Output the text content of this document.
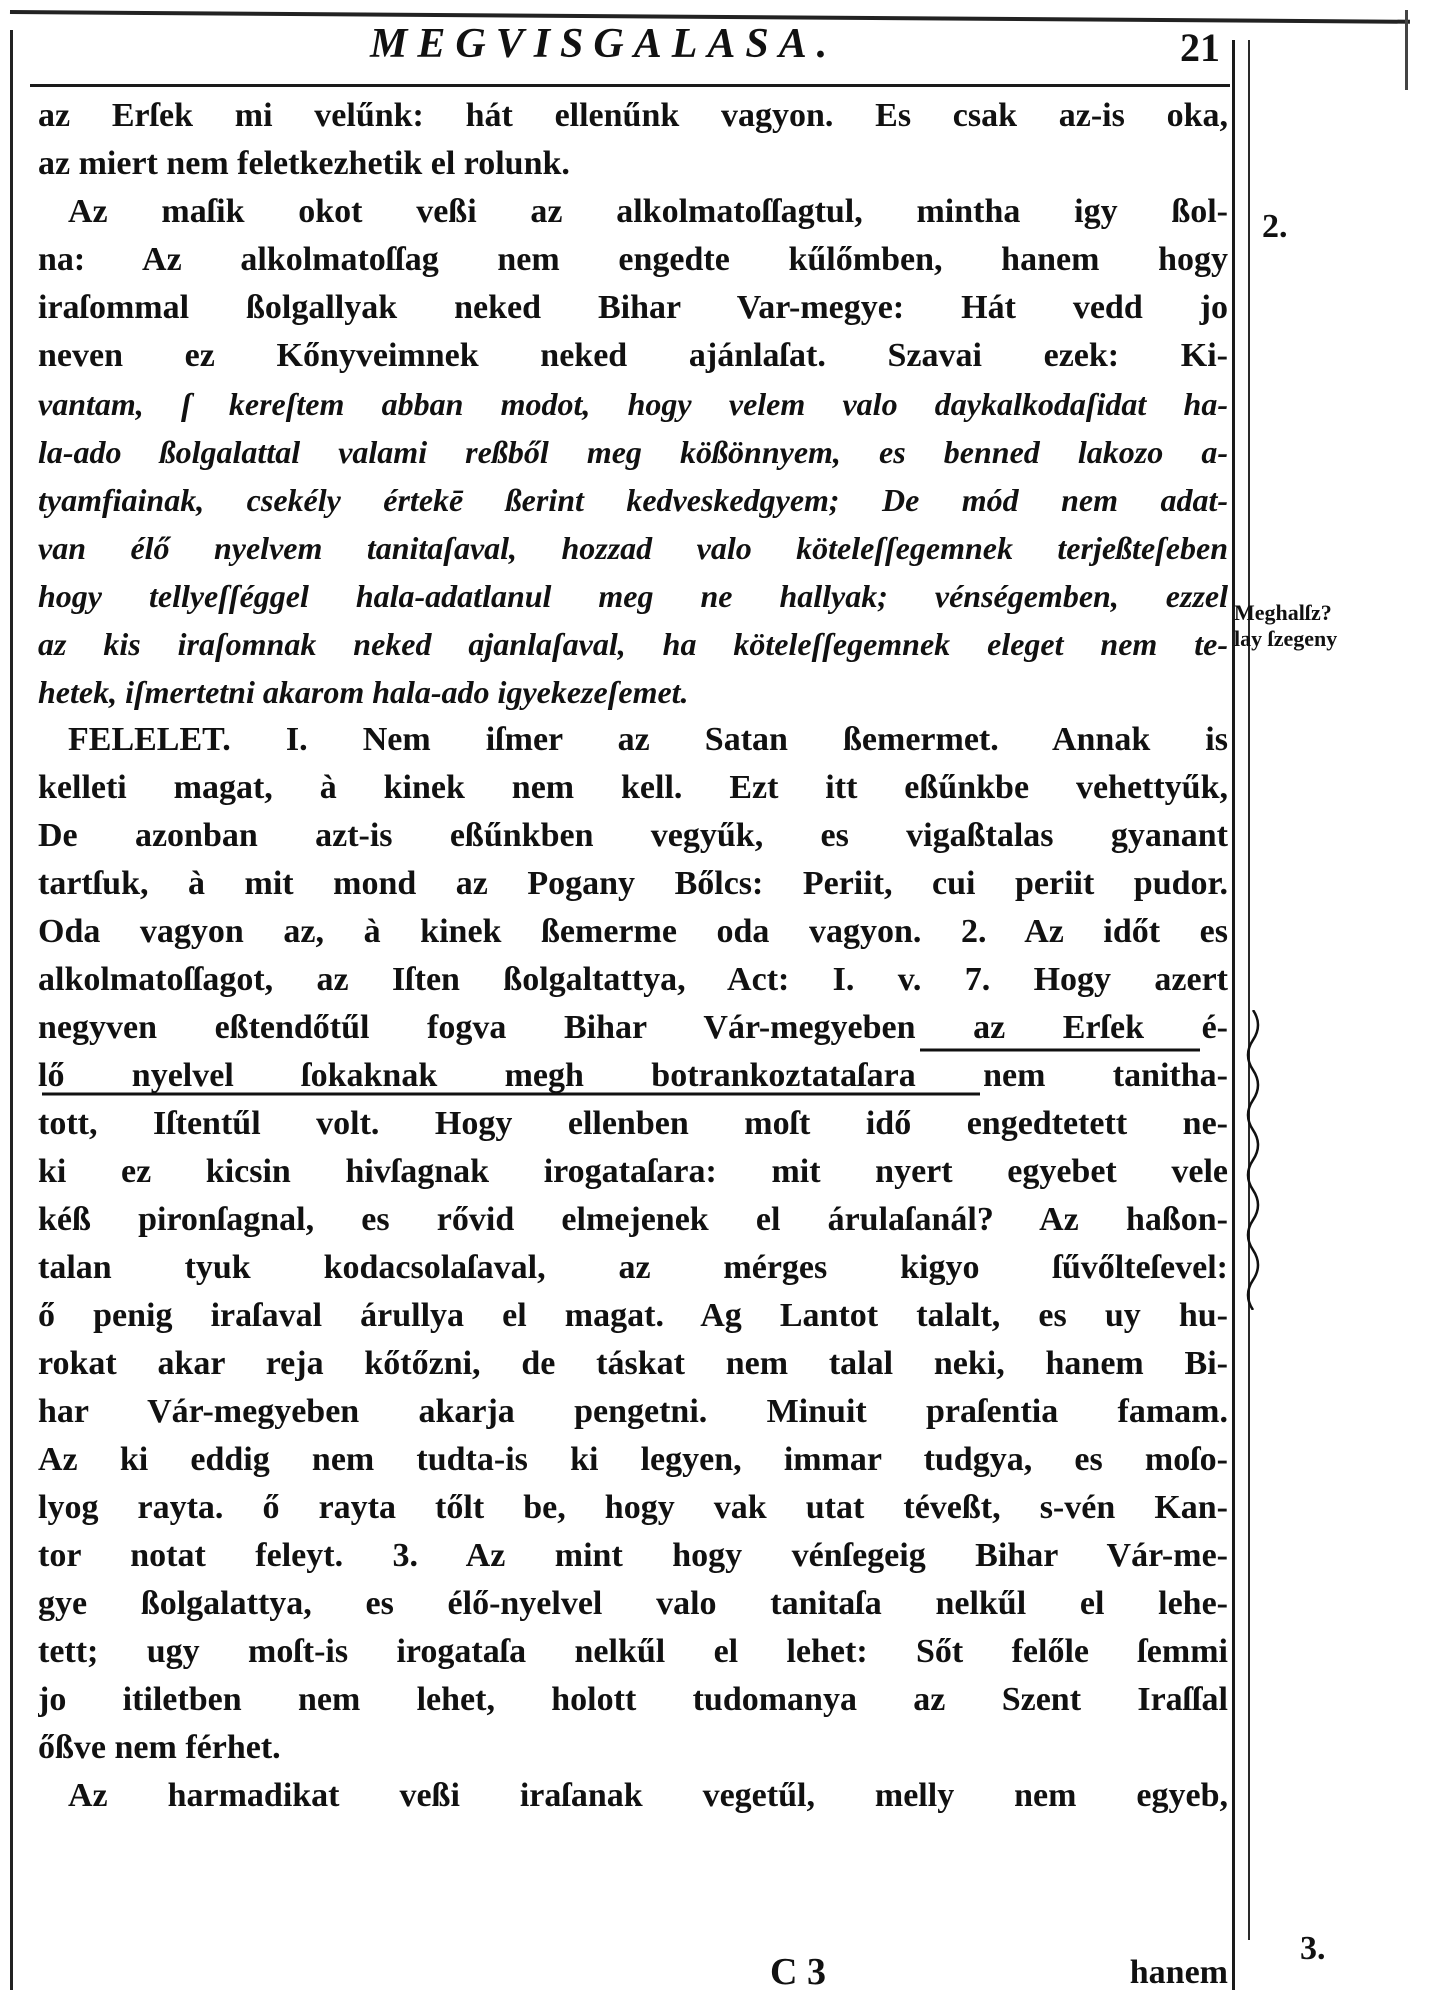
MEGVISGALASA.	21
az Erſek mi velűnk: hát ellenűnk vagyon. Es csak az-is oka,
az miert nem feletkezhetik el rolunk.
Az maſik okot veßi az alkolmatoſſagtul, mintha igy ßol-
na: Az alkolmatoſſag nem engedte kűlőmben, hanem hogy
iraſommal ßolgallyak neked Bihar Var-megye: Hát vedd jo
neven ez Kőnyveimnek neked ajánlaſat. Szavai ezek: Ki-
vantam, ſ kereſtem abban modot, hogy velem valo daykalkodaſidat ha-
la-ado ßolgalattal valami reßből meg kößönnyem, es benned lakozo a-
tyamfiainak, csekély értekē ßerint kedveskedgyem; De mód nem adat-
van élő nyelvem tanitaſaval, hozzad valo köteleſſegemnek terjeßteſeben
hogy tellyeſſéggel hala-adatlanul meg ne hallyak; vénségemben, ezzel
az kis iraſomnak neked ajanlaſaval, ha köteleſſegemnek eleget nem te-
hetek, iſmertetni akarom hala-ado igyekezeſemet.
FELELET. I. Nem iſmer az Satan ßemermet. Annak is
kelleti magat, à kinek nem kell. Ezt itt eßűnkbe vehettyűk,
De azonban azt-is eßűnkben vegyűk, es vigaßtalas gyanant
tartſuk, à mit mond az Pogany Bőlcs: Periit, cui periit pudor.
Oda vagyon az, à kinek ßemerme oda vagyon. 2. Az időt es
alkolmatoſſagot, az Iſten ßolgaltattya, Act: I. v. 7. Hogy azert
negyven eßtendőtűl fogva Bihar Vár-megyeben az Erſek é-
lő nyelvel ſokaknak megh botrankoztataſara nem tanitha-
tott, Iſtentűl volt. Hogy ellenben moſt idő engedtetett ne-
ki ez kicsin hivſagnak irogataſara: mit nyert egyebet vele
kéß pironſagnal, es rővid elmejenek el árulaſanál? Az haßon-
talan tyuk kodacsolaſaval, az mérges kigyo ſűvőlteſevel:
ő penig iraſaval árullya el magat. Ag Lantot talalt, es uy hu-
rokat akar reja kőtőzni, de táskat nem talal neki, hanem Bi-
har Vár-megyeben akarja pengetni. Minuit praſentia famam.
Az ki eddig nem tudta-is ki legyen, immar tudgya, es moſo-
lyog rayta. ő rayta tőlt be, hogy vak utat téveßt, s-vén Kan-
tor notat feleyt. 3. Az mint hogy vénſegeig Bihar Vár-me-
gye ßolgalattya, es élő-nyelvel valo tanitaſa nelkűl el lehe-
tett; ugy moſt-is irogataſa nelkűl el lehet: Sőt felőle ſemmi
jo itiletben nem lehet, holott tudomanya az Szent Iraſſal
őßve nem férhet.
Az harmadikat veßi iraſanak vegetűl, melly nem egyeb,
2.
Meghalſz?
lay ſzegeny
3.
C 3	hanem
